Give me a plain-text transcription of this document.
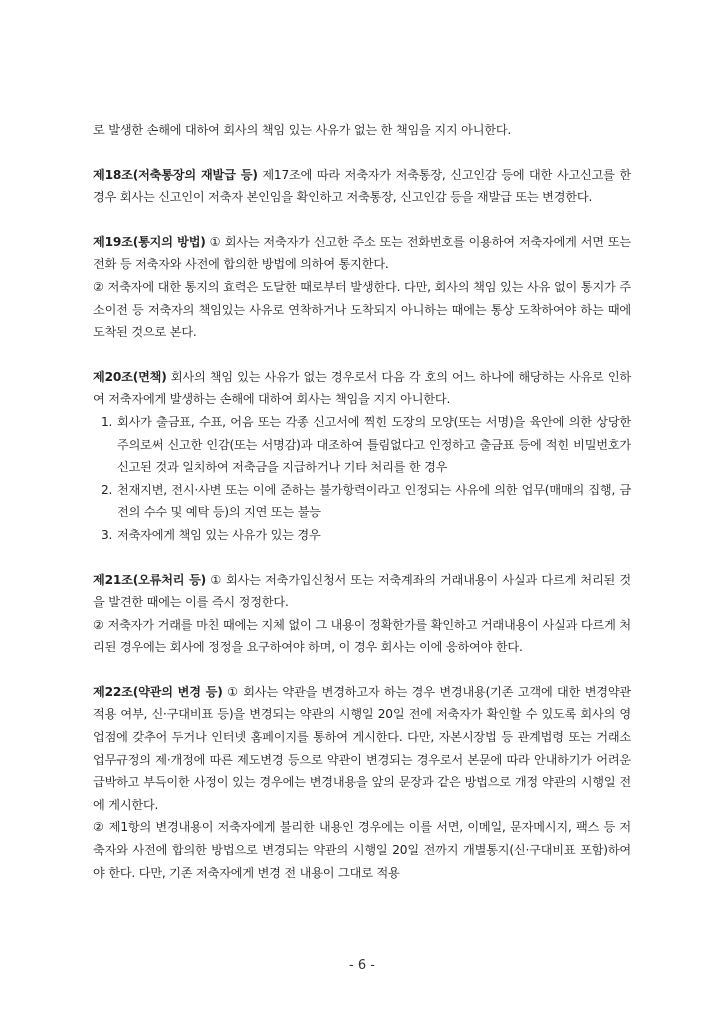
로 발생한 손해에 대하여 회사의 책임 있는 사유가 없는 한 책임을 지지 아니한다.

제18조(저축통장의 재발급 등) 제17조에 따라 저축자가 저축통장, 신고인감 등에 대한 사고신고를 한 경우 회사는 신고인이 저축자 본인임을 확인하고 저축통장, 신고인감 등을 재발급 또는 변경한다.

제19조(통지의 방법) ① 회사는 저축자가 신고한 주소 또는 전화번호를 이용하여 저축자에게 서면 또는 전화 등 저축자와 사전에 합의한 방법에 의하여 통지한다.

② 저축자에 대한 통지의 효력은 도달한 때로부터 발생한다. 다만, 회사의 책임 있는 사유 없이 통지가 주소이전 등 저축자의 책임있는 사유로 연착하거나 도착되지 아니하는 때에는 통상 도착하여야 하는 때에 도착된 것으로 본다.

제20조(면책) 회사의 책임 있는 사유가 없는 경우로서 다음 각 호의 어느 하나에 해당하는 사유로 인하여 저축자에게 발생하는 손해에 대하여 회사는 책임을 지지 아니한다.

1. 회사가 출금표, 수표, 어음 또는 각종 신고서에 찍힌 도장의 모양(또는 서명)을 육안에 의한 상당한 주의로써 신고한 인감(또는 서명감)과 대조하여 틀림없다고 인정하고 출금표 등에 적힌 비밀번호가 신고된 것과 일치하여 저축금을 지급하거나 기타 처리를 한 경우
2. 천재지변, 전시·사변 또는 이에 준하는 불가항력이라고 인정되는 사유에 의한 업무(매매의 집행, 금전의 수수 및 예탁 등)의 지연 또는 불능
3. 저축자에게 책임 있는 사유가 있는 경우

제21조(오류처리 등) ① 회사는 저축가입신청서 또는 저축계좌의 거래내용이 사실과 다르게 처리된 것을 발견한 때에는 이를 즉시 정정한다.

② 저축자가 거래를 마친 때에는 지체 없이 그 내용이 정확한가를 확인하고 거래내용이 사실과 다르게 처리된 경우에는 회사에 정정을 요구하여야 하며, 이 경우 회사는 이에 응하여야 한다.

제22조(약관의 변경 등) ① 회사는 약관을 변경하고자 하는 경우 변경내용(기존 고객에 대한 변경약관 적용 여부, 신·구대비표 등)을 변경되는 약관의 시행일 20일 전에 저축자가 확인할 수 있도록 회사의 영업점에 갖추어 두거나 인터넷 홈페이지를 통하여 게시한다. 다만, 자본시장법 등 관계법령 또는 거래소 업무규정의 제·개정에 따른 제도변경 등으로 약관이 변경되는 경우로서 본문에 따라 안내하기가 어려운 급박하고 부득이한 사정이 있는 경우에는 변경내용을 앞의 문장과 같은 방법으로 개정 약관의 시행일 전에 게시한다.

② 제1항의 변경내용이 저축자에게 불리한 내용인 경우에는 이를 서면, 이메일, 문자메시지, 팩스 등 저축자와 사전에 합의한 방법으로 변경되는 약관의 시행일 20일 전까지 개별통지(신·구대비표 포함)하여야 한다. 다만, 기존 저축자에게 변경 전 내용이 그대로 적용

- 6 -
